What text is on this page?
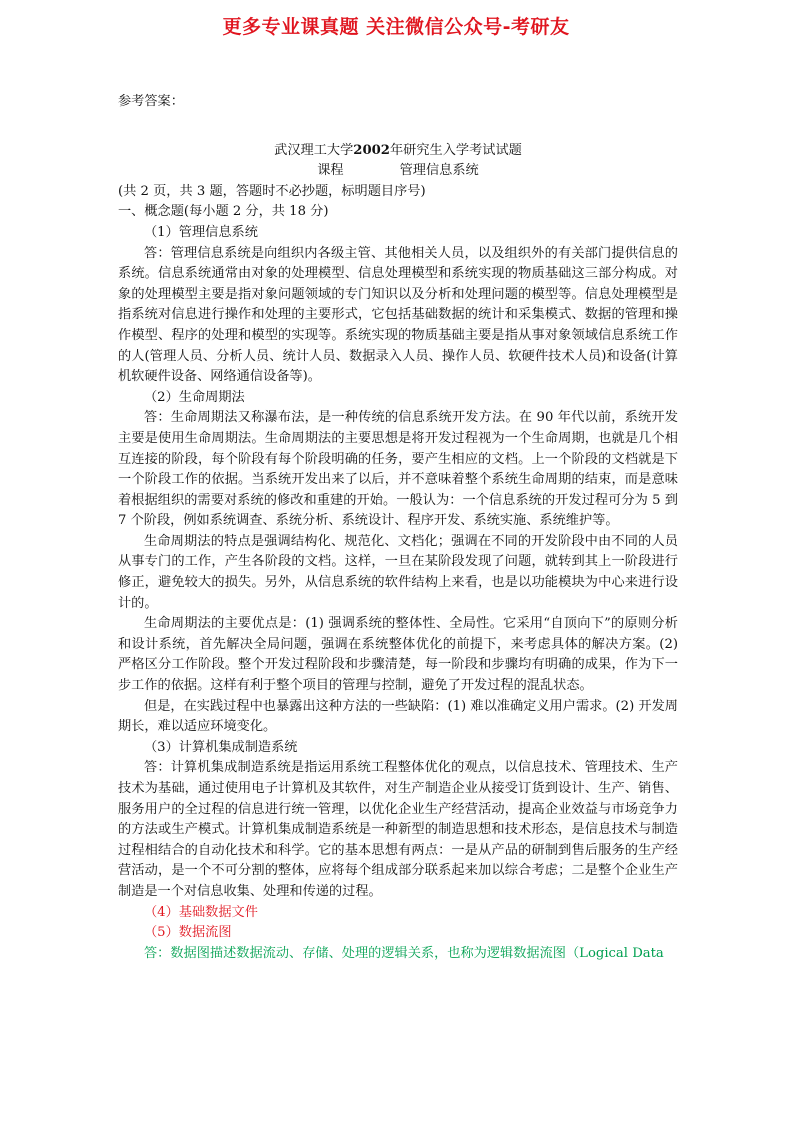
更多专业课真题 关注微信公众号-考研友

参考答案：

武汉理工大学2002年研究生入学考试试题

课程	管理信息系统

(共 2 页，共 3 题，答题时不必抄题，标明题目序号)

一、概念题(每小题 2 分，共 18 分)

（1）管理信息系统

答：管理信息系统是向组织内各级主管、其他相关人员，以及组织外的有关部门提供信息的系统。信息系统通常由对象的处理模型、信息处理模型和系统实现的物质基础这三部分构成。对象的处理模型主要是指对象问题领域的专门知识以及分析和处理问题的模型等。信息处理模型是指系统对信息进行操作和处理的主要形式，它包括基础数据的统计和采集模式、数据的管理和操作模型、程序的处理和模型的实现等。系统实现的物质基础主要是指从事对象领域信息系统工作的人(管理人员、分析人员、统计人员、数据录入人员、操作人员、软硬件技术人员)和设备(计算机软硬件设备、网络通信设备等)。

（2）生命周期法

答：生命周期法又称瀑布法，是一种传统的信息系统开发方法。在 90 年代以前，系统开发主要是使用生命周期法。生命周期法的主要思想是将开发过程视为一个生命周期，也就是几个相互连接的阶段，每个阶段有每个阶段明确的任务，要产生相应的文档。上一个阶段的文档就是下一个阶段工作的依据。当系统开发出来了以后，并不意味着整个系统生命周期的结束，而是意味着根据组织的需要对系统的修改和重建的开始。一般认为：一个信息系统的开发过程可分为 5 到 7 个阶段，例如系统调查、系统分析、系统设计、程序开发、系统实施、系统维护等。

生命周期法的特点是强调结构化、规范化、文档化；强调在不同的开发阶段中由不同的人员从事专门的工作，产生各阶段的文档。这样，一旦在某阶段发现了问题，就转到其上一阶段进行修正，避免较大的损失。另外，从信息系统的软件结构上来看，也是以功能模块为中心来进行设计的。

生命周期法的主要优点是：(1) 强调系统的整体性、全局性。它采用“自顶向下”的原则分析和设计系统，首先解决全局问题，强调在系统整体优化的前提下，来考虑具体的解决方案。(2) 严格区分工作阶段。整个开发过程阶段和步骤清楚，每一阶段和步骤均有明确的成果，作为下一步工作的依据。这样有利于整个项目的管理与控制，避免了开发过程的混乱状态。

但是，在实践过程中也暴露出这种方法的一些缺陷：(1) 难以准确定义用户需求。(2) 开发周期长，难以适应环境变化。

（3）计算机集成制造系统

答：计算机集成制造系统是指运用系统工程整体优化的观点，以信息技术、管理技术、生产技术为基础，通过使用电子计算机及其软件，对生产制造企业从接受订货到设计、生产、销售、服务用户的全过程的信息进行统一管理，以优化企业生产经营活动，提高企业效益与市场竞争力的方法或生产模式。计算机集成制造系统是一种新型的制造思想和技术形态，是信息技术与制造过程相结合的自动化技术和科学。它的基本思想有两点：一是从产品的研制到售后服务的生产经营活动，是一个不可分割的整体，应将每个组成部分联系起来加以综合考虑；二是整个企业生产制造是一个对信息收集、处理和传递的过程。

（4）基础数据文件

（5）数据流图

答：数据图描述数据流动、存储、处理的逻辑关系，也称为逻辑数据流图（Logical Data
